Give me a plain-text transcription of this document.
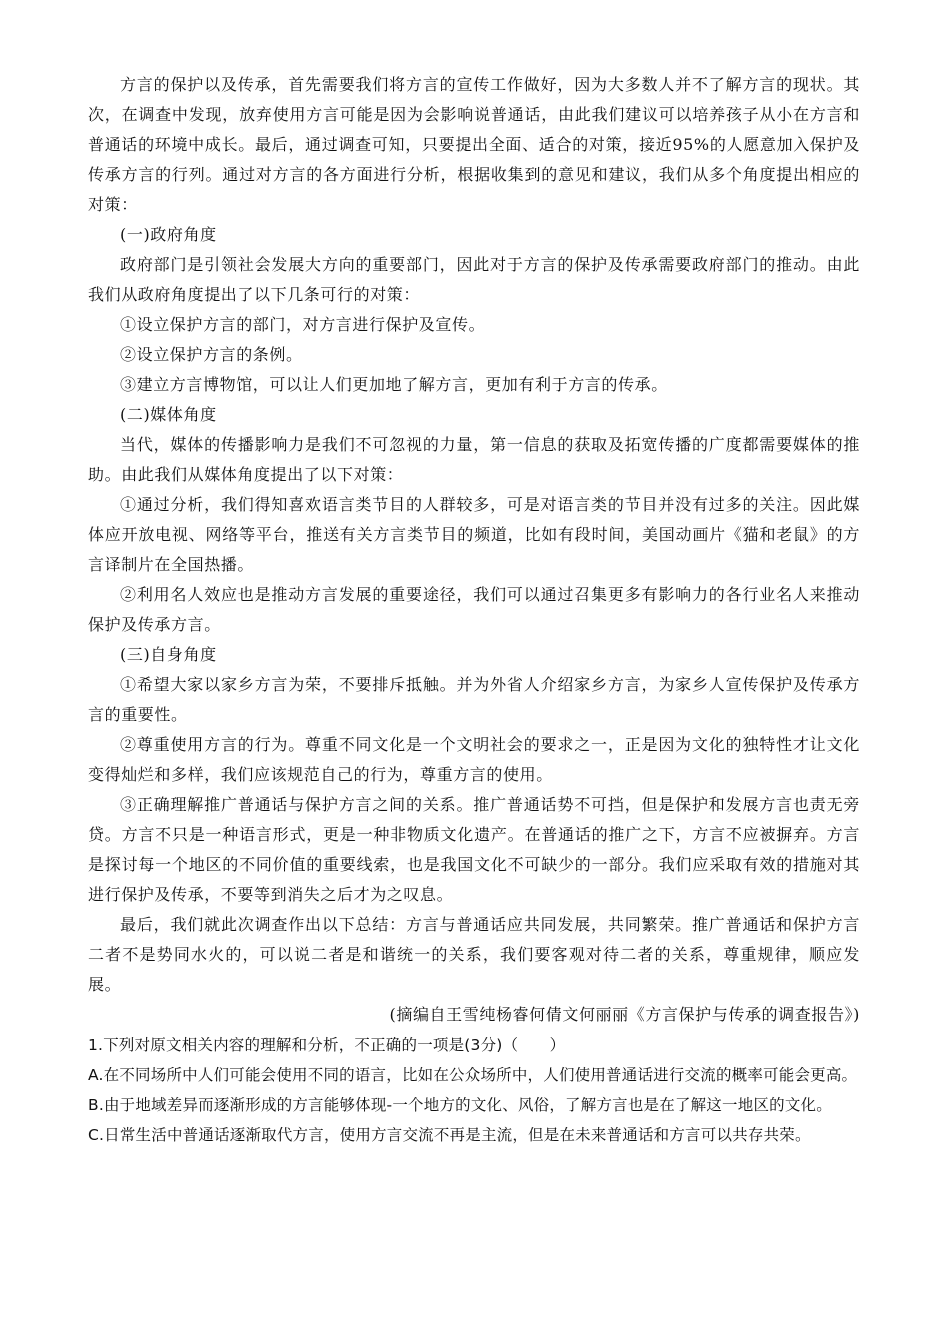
方言的保护以及传承，首先需要我们将方言的宣传工作做好，因为大多数人并不了解方言的现状。其次，在调查中发现，放弃使用方言可能是因为会影响说普通话，由此我们建议可以培养孩子从小在方言和普通话的环境中成长。最后，通过调查可知，只要提出全面、适合的对策，接近95%的人愿意加入保护及传承方言的行列。通过对方言的各方面进行分析，根据收集到的意见和建议，我们从多个角度提出相应的对策：

(一)政府角度

政府部门是引领社会发展大方向的重要部门，因此对于方言的保护及传承需要政府部门的推动。由此我们从政府角度提出了以下几条可行的对策：

①设立保护方言的部门，对方言进行保护及宣传。

②设立保护方言的条例。

③建立方言博物馆，可以让人们更加地了解方言，更加有利于方言的传承。

(二)媒体角度

当代，媒体的传播影响力是我们不可忽视的力量，第一信息的获取及拓宽传播的广度都需要媒体的推助。由此我们从媒体角度提出了以下对策：

①通过分析，我们得知喜欢语言类节目的人群较多，可是对语言类的节目并没有过多的关注。因此媒体应开放电视、网络等平台，推送有关方言类节目的频道，比如有段时间，美国动画片《猫和老鼠》的方言译制片在全国热播。

②利用名人效应也是推动方言发展的重要途径，我们可以通过召集更多有影响力的各行业名人来推动保护及传承方言。

(三)自身角度

①希望大家以家乡方言为荣，不要排斥抵触。并为外省人介绍家乡方言，为家乡人宣传保护及传承方言的重要性。

②尊重使用方言的行为。尊重不同文化是一个文明社会的要求之一，正是因为文化的独特性才让文化变得灿烂和多样，我们应该规范自己的行为，尊重方言的使用。

③正确理解推广普通话与保护方言之间的关系。推广普通话势不可挡，但是保护和发展方言也责无旁贷。方言不只是一种语言形式，更是一种非物质文化遗产。在普通话的推广之下，方言不应被摒弃。方言是探讨每一个地区的不同价值的重要线索，也是我国文化不可缺少的一部分。我们应采取有效的措施对其进行保护及传承，不要等到消失之后才为之叹息。

最后，我们就此次调查作出以下总结：方言与普通话应共同发展，共同繁荣。推广普通话和保护方言二者不是势同水火的，可以说二者是和谐统一的关系，我们要客观对待二者的关系，尊重规律，顺应发展。

(摘编自王雪纯杨睿何倩文何丽丽《方言保护与传承的调查报告》)

1.下列对原文相关内容的理解和分析，不正确的一项是(3分)（　　）

A.在不同场所中人们可能会使用不同的语言，比如在公众场所中，人们使用普通话进行交流的概率可能会更高。

B.由于地域差异而逐渐形成的方言能够体现-一个地方的文化、风俗，了解方言也是在了解这一地区的文化。

C.日常生活中普通话逐渐取代方言，使用方言交流不再是主流，但是在未来普通话和方言可以共存共荣。
